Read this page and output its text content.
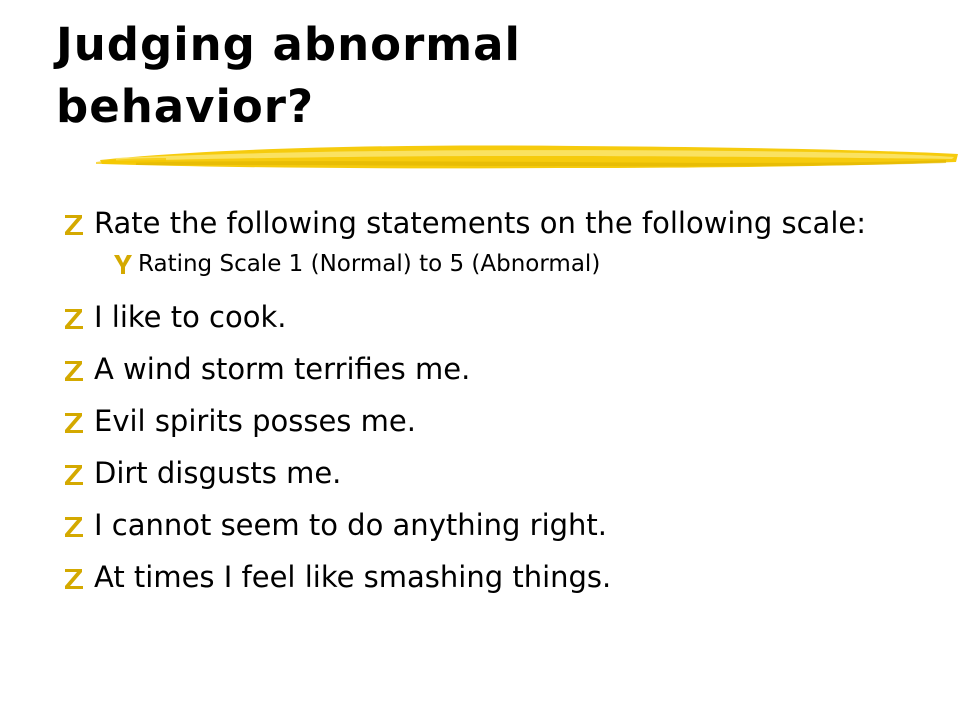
Judging abnormal
behavior?
Rate the following statements on the following scale:
Rating Scale 1 (Normal) to 5 (Abnormal)
I like to cook.
A wind storm terrifies me.
Evil spirits posses me.
Dirt disgusts me.
I cannot seem to do anything right.
At times I feel like smashing things.
